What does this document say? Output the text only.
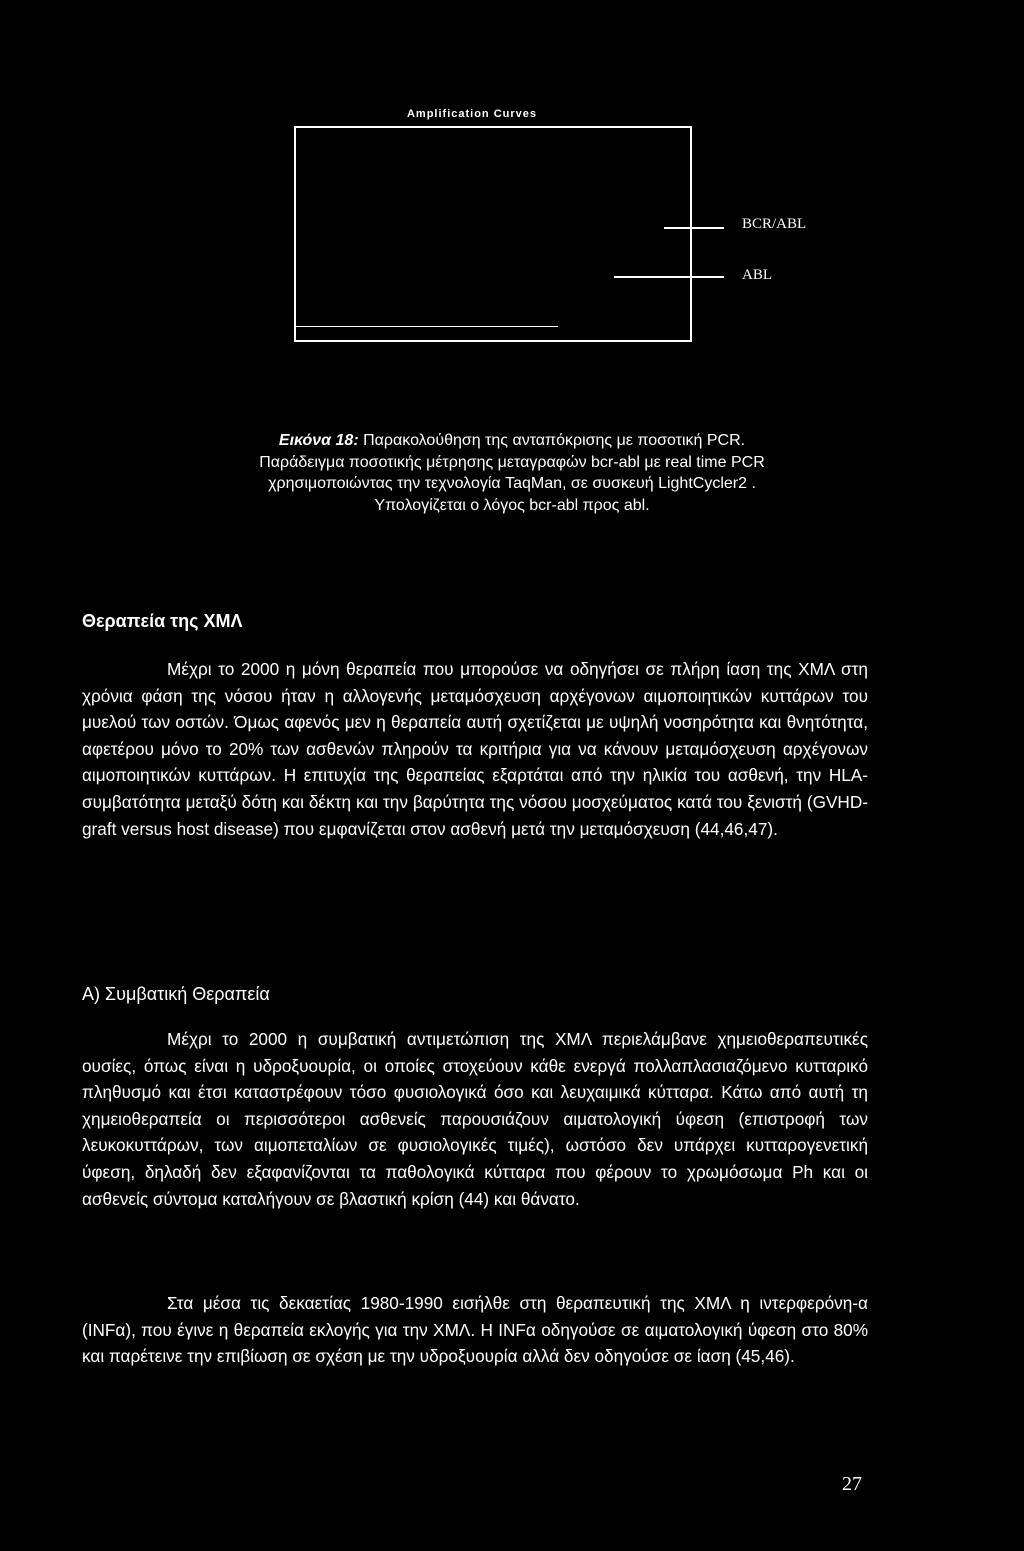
Amplification Curves
BCR/ABL
ABL
Εικόνα 18: Παρακολούθηση της ανταπόκρισης με ποσοτική PCR.
Παράδειγμα ποσοτικής μέτρησης μεταγραφών bcr-abl με real time PCR
χρησιμοποιώντας την τεχνολογία TaqMan, σε συσκευή LightCycler2 .
Υπολογίζεται ο λόγος bcr-abl προς abl.
Θεραπεία της ΧΜΛ
Μέχρι το 2000 η μόνη θεραπεία που μπορούσε να οδηγήσει σε πλήρη ίαση της ΧΜΛ στη χρόνια φάση της νόσου ήταν η αλλογενής μεταμόσχευση αρχέγονων αιμοποιητικών κυττάρων του μυελού των οστών. Όμως αφενός μεν η θεραπεία αυτή σχετίζεται με υψηλή νοσηρότητα και θνητότητα, αφετέρου μόνο το 20% των ασθενών πληρούν τα κριτήρια για να κάνουν μεταμόσχευση αρχέγονων αιμοποιητικών κυττάρων. Η επιτυχία της θεραπείας εξαρτάται από την ηλικία του ασθενή, την HLA-συμβατότητα μεταξύ δότη και δέκτη και την βαρύτητα της νόσου μοσχεύματος κατά του ξενιστή (GVHD-graft versus host disease) που εμφανίζεται στον ασθενή μετά την μεταμόσχευση (44,46,47).
Α) Συμβατική Θεραπεία
Μέχρι το 2000 η συμβατική αντιμετώπιση της ΧΜΛ περιελάμβανε χημειοθεραπευτικές ουσίες, όπως είναι η υδροξυουρία, οι οποίες στοχεύουν κάθε ενεργά πολλαπλασιαζόμενο κυτταρικό πληθυσμό και έτσι καταστρέφουν τόσο φυσιολογικά όσο και λευχαιμικά κύτταρα. Κάτω από αυτή τη χημειοθεραπεία οι περισσότεροι ασθενείς παρουσιάζουν αιματολογική ύφεση (επιστροφή των λευκοκυττάρων, των αιμοπεταλίων σε φυσιολογικές τιμές), ωστόσο δεν υπάρχει κυτταρογενετική ύφεση, δηλαδή δεν εξαφανίζονται τα παθολογικά κύτταρα που φέρουν το χρωμόσωμα Ph και οι ασθενείς σύντομα καταλήγουν σε βλαστική κρίση (44) και θάνατο.
Στα μέσα τις δεκαετίας 1980-1990 εισήλθε στη θεραπευτική της ΧΜΛ η ιντερφερόνη-α (INFα), που έγινε η θεραπεία εκλογής για την ΧΜΛ. Η INFα οδηγούσε σε αιματολογική ύφεση στο 80% και παρέτεινε την επιβίωση σε σχέση με την υδροξυουρία αλλά δεν οδηγούσε σε ίαση (45,46).
27
